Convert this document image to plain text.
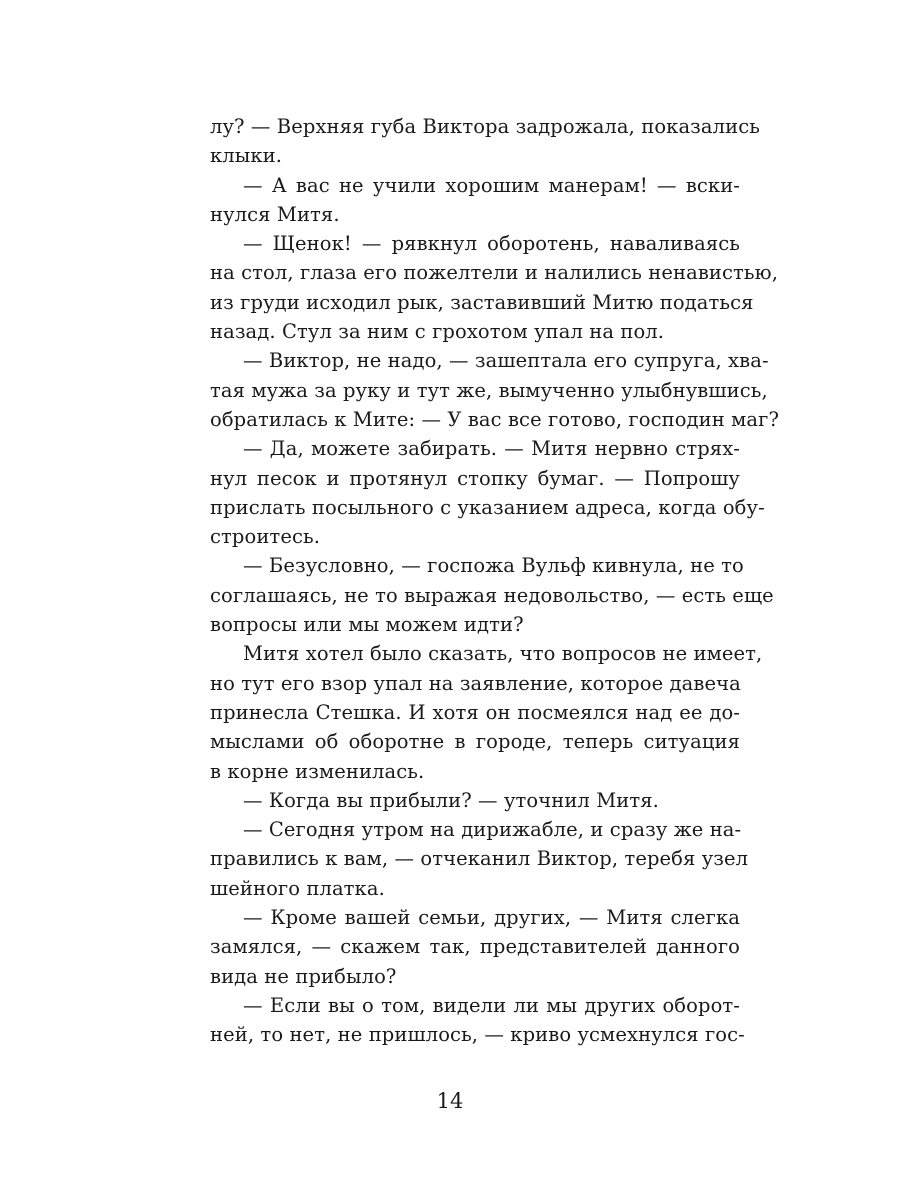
лу? — Верхняя губа Виктора задрожала, показались
клыки.
— А вас не учили хорошим манерам! — вски-
нулся Митя.
— Щенок! — рявкнул оборотень, наваливаясь
на стол, глаза его пожелтели и налились ненавистью,
из груди исходил рык, заставивший Митю податься
назад. Стул за ним с грохотом упал на пол.
— Виктор, не надо, — зашептала его супруга, хва-
тая мужа за руку и тут же, вымученно улыбнувшись,
обратилась к Мите: — У вас все готово, господин маг?
— Да, можете забирать. — Митя нервно стрях-
нул песок и протянул стопку бумаг. — Попрошу
прислать посыльного с указанием адреса, когда обу-
строитесь.
— Безусловно, — госпожа Вульф кивнула, не то
соглашаясь, не то выражая недовольство, — есть еще
вопросы или мы можем идти?
Митя хотел было сказать, что вопросов не имеет,
но тут его взор упал на заявление, которое давеча
принесла Стешка. И хотя он посмеялся над ее до-
мыслами об оборотне в городе, теперь ситуация
в корне изменилась.
— Когда вы прибыли? — уточнил Митя.
— Сегодня утром на дирижабле, и сразу же на-
правились к вам, — отчеканил Виктор, теребя узел
шейного платка.
— Кроме вашей семьи, других, — Митя слегка
замялся, — скажем так, представителей данного
вида не прибыло?
— Если вы о том, видели ли мы других оборот-
ней, то нет, не пришлось, — криво усмехнулся гос-
14
